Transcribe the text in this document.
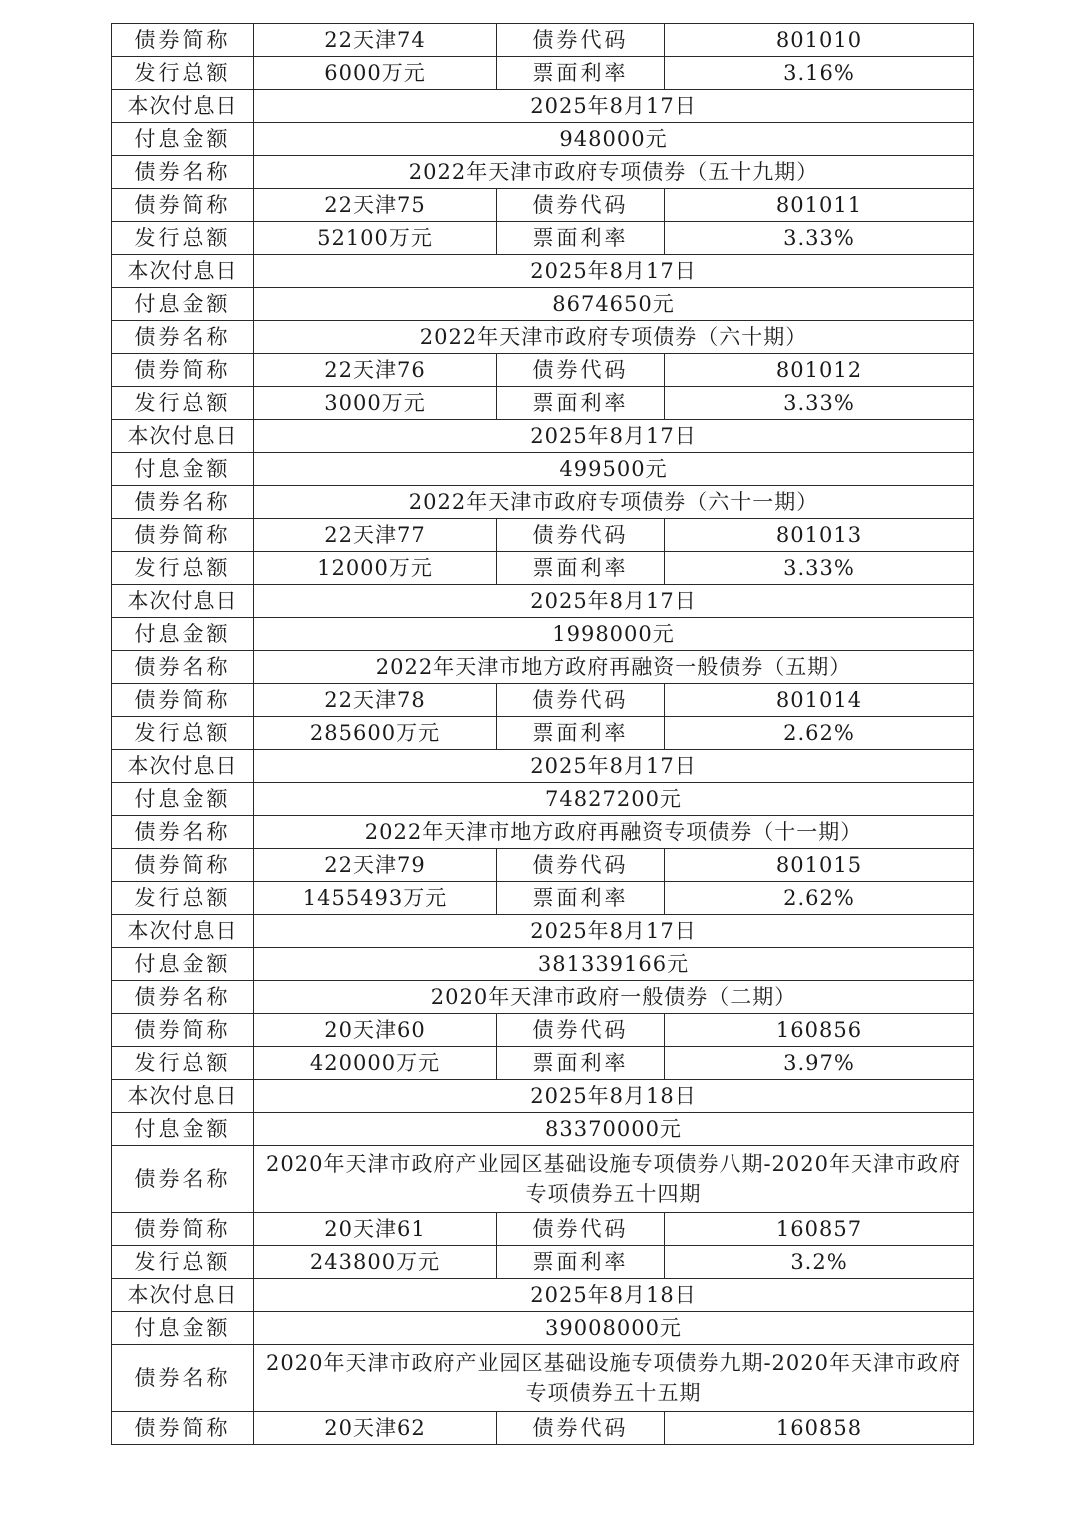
债券简称	22天津74	债券代码	801010
发行总额	6000万元	票面利率	3.16%
本次付息日	2025年8月17日		
付息金额	948000元		
债券名称	2022年天津市政府专项债券（五十九期）		
债券简称	22天津75	债券代码	801011
发行总额	52100万元	票面利率	3.33%
本次付息日	2025年8月17日		
付息金额	8674650元		
债券名称	2022年天津市政府专项债券（六十期）		
债券简称	22天津76	债券代码	801012
发行总额	3000万元	票面利率	3.33%
本次付息日	2025年8月17日		
付息金额	499500元		
债券名称	2022年天津市政府专项债券（六十一期）		
债券简称	22天津77	债券代码	801013
发行总额	12000万元	票面利率	3.33%
本次付息日	2025年8月17日		
付息金额	1998000元		
债券名称	2022年天津市地方政府再融资一般债券（五期）		
债券简称	22天津78	债券代码	801014
发行总额	285600万元	票面利率	2.62%
本次付息日	2025年8月17日		
付息金额	74827200元		
债券名称	2022年天津市地方政府再融资专项债券（十一期）		
债券简称	22天津79	债券代码	801015
发行总额	1455493万元	票面利率	2.62%
本次付息日	2025年8月17日		
付息金额	381339166元		
债券名称	2020年天津市政府一般债券（二期）		
债券简称	20天津60	债券代码	160856
发行总额	420000万元	票面利率	3.97%
本次付息日	2025年8月18日		
付息金额	83370000元		
债券名称	2020年天津市政府产业园区基础设施专项债券八期-2020年天津市政府专项债券五十四期		
债券简称	20天津61	债券代码	160857
发行总额	243800万元	票面利率	3.2%
本次付息日	2025年8月18日		
付息金额	39008000元		
债券名称	2020年天津市政府产业园区基础设施专项债券九期-2020年天津市政府专项债券五十五期		
债券简称	20天津62	债券代码	160858
